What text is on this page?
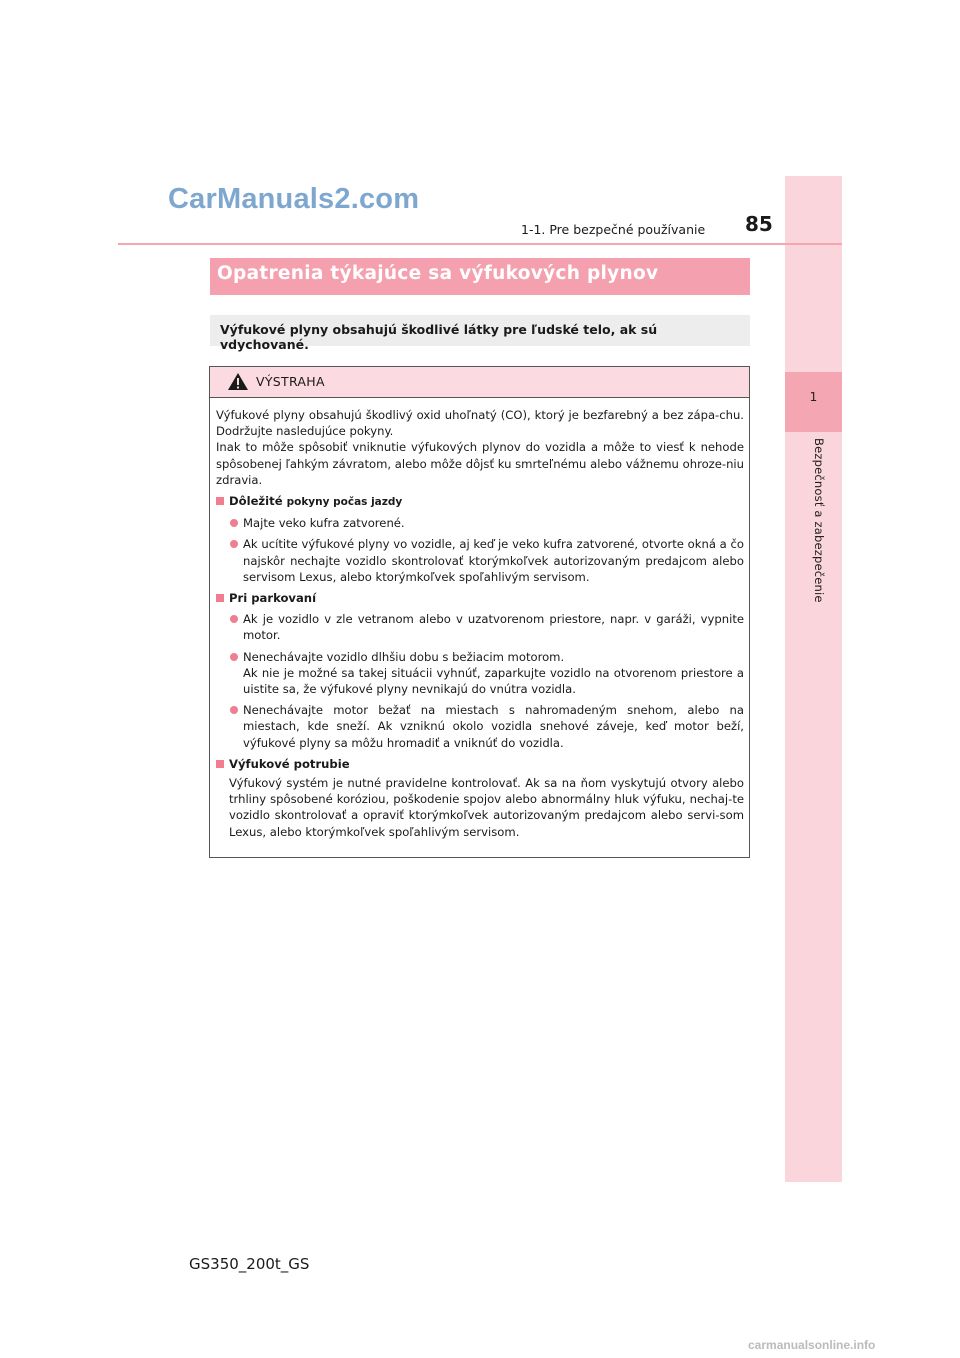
1
Bezpečnosť a zabezpečenie
CarManuals2.com
1-1. Pre bezpečné používanie 85
Opatrenia týkajúce sa výfukových plynov
Výfukové plyny obsahujú škodlivé látky pre ľudské telo, ak sú vdychované.
VÝSTRAHA

Výfukové plyny obsahujú škodlivý oxid uhoľnatý (CO), ktorý je bezfarebný a bez zápa-chu. Dodržujte nasledujúce pokyny.

Inak to môže spôsobiť vniknutie výfukových plynov do vozidla a môže to viesť k nehode spôsobenej ľahkým závratom, alebo môže dôjsť ku smrteľnému alebo vážnemu ohroze-niu zdravia.

Dôležité pokyny počas jazdy
Majte veko kufra zatvorené.
Ak ucítite výfukové plyny vo vozidle, aj keď je veko kufra zatvorené, otvorte okná a čo najskôr nechajte vozidlo skontrolovať ktorýmkoľvek autorizovaným predajcom alebo servisom Lexus, alebo ktorýmkoľvek spoľahlivým servisom.
Pri parkovaní
Ak je vozidlo v zle vetranom alebo v uzatvorenom priestore, napr. v garáži, vypnite motor.
Nenechávajte vozidlo dlhšiu dobu s bežiacim motorom.
Ak nie je možné sa takej situácii vyhnúť, zaparkujte vozidlo na otvorenom priestore a uistite sa, že výfukové plyny nevnikajú do vnútra vozidla.
Nenechávajte motor bežať na miestach s nahromadeným snehom, alebo na miestach, kde sneží. Ak vzniknú okolo vozidla snehové záveje, keď motor beží, výfukové plyny sa môžu hromadiť a vniknúť do vozidla.
Výfukové potrubie
Výfukový systém je nutné pravidelne kontrolovať. Ak sa na ňom vyskytujú otvory alebo trhliny spôsobené koróziou, poškodenie spojov alebo abnormálny hluk výfuku, nechaj-te vozidlo skontrolovať a opraviť ktorýmkoľvek autorizovaným predajcom alebo servi-som Lexus, alebo ktorýmkoľvek spoľahlivým servisom.
GS350_200t_GS
carmanualsonline.info
